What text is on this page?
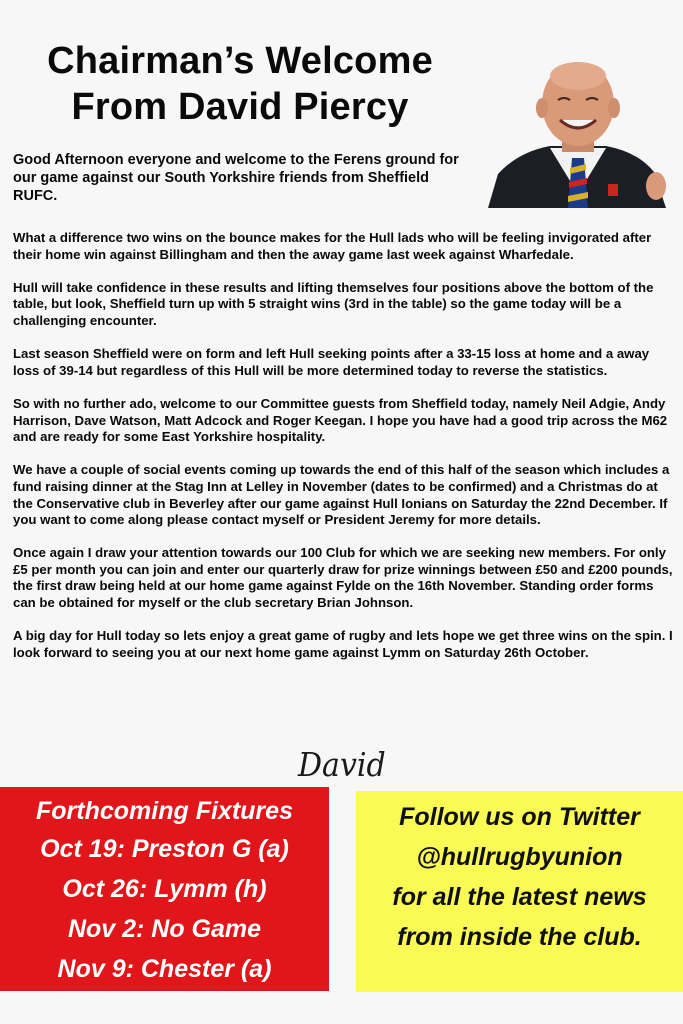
Chairman’s Welcome
From David Piercy
Good Afternoon everyone and welcome to the Ferens ground for our game against our South Yorkshire friends from Sheffield RUFC.

What a difference two wins on the bounce makes for the Hull lads who will be feeling invigorated after their home win against Billingham and then the away game last week against Wharfedale.

Hull will take confidence in these results and lifting themselves four positions above the bottom of the table, but look, Sheffield turn up with 5 straight wins (3rd in the table) so the game today will be a challenging encounter.

Last season Sheffield were on form and left Hull seeking points after a 33-15 loss at home and a away loss of 39-14 but regardless of this Hull will be more determined today to reverse the statistics.

So with no further ado, welcome to our Committee guests from Sheffield today, namely Neil Adgie, Andy Harrison, Dave Watson, Matt Adcock and Roger Keegan. I hope you have had a good trip across the M62 and are ready for some East Yorkshire hospitality.

We have a couple of social events coming up towards the end of this half of the season which includes a fund raising dinner at the Stag Inn at Lelley in November (dates to be confirmed) and a Christmas do at the Conservative club in Beverley after our game against Hull Ionians on Saturday the 22nd December. If you want to come along please contact myself or President Jeremy for more details.

Once again I draw your attention towards our 100 Club for which we are seeking new members. For only £5 per month you can join and enter our quarterly draw for prize winnings between £50 and £200 pounds, the first draw being held at our home game against Fylde on the 16th November. Standing order forms can be obtained for myself or the club secretary Brian Johnson.

A big day for Hull today so lets enjoy a great game of rugby and lets hope we get three wins on the spin. I look forward to seeing you at our next home game against Lymm on Saturday 26th October.

David
Forthcoming Fixtures
Oct 19: Preston G (a)
Oct 26: Lymm (h)
Nov 2: No Game
Nov 9: Chester (a)
Follow us on Twitter
@hullrugbyunion
for all the latest news
from inside the club.
